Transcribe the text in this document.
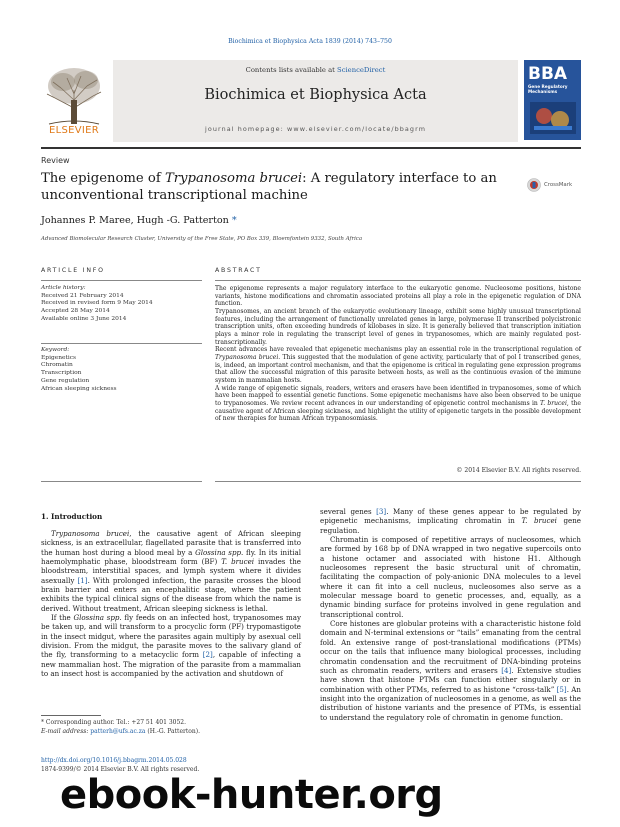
Biochimica et Biophysica Acta 1839 (2014) 743–750
ELSEVIER
Contents lists available at ScienceDirect
Biochimica et Biophysica Acta
journal homepage: www.elsevier.com/locate/bbagrm
BBA
Gene Regulatory Mechanisms
Review
The epigenome of Trypanosoma brucei: A regulatory interface to an unconventional transcriptional machine
CrossMark
Johannes P. Maree, Hugh -G. Patterton *
Advanced Biomolecular Research Cluster, University of the Free State, PO Box 339, Bloemfontein 9332, South Africa
ARTICLE INFO	ABSTRACT
Article history:
Received 21 February 2014
Received in revised form 9 May 2014
Accepted 28 May 2014
Available online 3 June 2014
Keyword:
Epigenetics
Chromatin
Transcription
Gene regulation
African sleeping sickness

The epigenome represents a major regulatory interface to the eukaryotic genome. Nucleosome positions, histone variants, histone modifications and chromatin associated proteins all play a role in the epigenetic regulation of DNA function.

Trypanosomes, an ancient branch of the eukaryotic evolutionary lineage, exhibit some highly unusual transcriptional features, including the arrangement of functionally unrelated genes in large, polymerase II transcribed polycistronic transcription units, often exceeding hundreds of kilobases in size. It is generally believed that transcription initiation plays a minor role in regulating the transcript level of genes in trypanosomes, which are mainly regulated post-transcriptionally.

Recent advances have revealed that epigenetic mechanisms play an essential role in the transcriptional regulation of Trypanosoma brucei. This suggested that the modulation of gene activity, particularly that of pol I transcribed genes, is, indeed, an important control mechanism, and that the epigenome is critical in regulating gene expression programs that allow the successful migration of this parasite between hosts, as well as the continuous evasion of the immune system in mammalian hosts.

A wide range of epigenetic signals, readers, writers and erasers have been identified in trypanosomes, some of which have been mapped to essential genetic functions. Some epigenetic mechanisms have also been observed to be unique to trypanosomes. We review recent advances in our understanding of epigenetic control mechanisms in T. brucei, the causative agent of African sleeping sickness, and highlight the utility of epigenetic targets in the possible development of new therapies for human African trypanosomiasis.

© 2014 Elsevier B.V. All rights reserved.
1. Introduction

Trypanosoma brucei, the causative agent of African sleeping sickness, is an extracellular, flagellated parasite that is transferred into the human host during a blood meal by a Glossina spp. fly. In its initial haemolymphatic phase, bloodstream form (BF) T. brucei invades the bloodstream, interstitial spaces, and lymph system where it divides asexually [1]. With prolonged infection, the parasite crosses the blood brain barrier and enters an encephalitic stage, where the patient exhibits the typical clinical signs of the disease from which the name is derived. Without treatment, African sleeping sickness is lethal.

If the Glossina spp. fly feeds on an infected host, trypanosomes may be taken up, and will transform to a procyclic form (PF) trypomastigote in the insect midgut, where the parasites again multiply by asexual cell division. From the midgut, the parasite moves to the salivary gland of the fly, transforming to a metacyclic form [2], capable of infecting a new mammalian host. The migration of the parasite from a mammalian to an insect host is accompanied by the activation and shutdown of

several genes [3]. Many of these genes appear to be regulated by epigenetic mechanisms, implicating chromatin in T. brucei gene regulation.

Chromatin is composed of repetitive arrays of nucleosomes, which are formed by 168 bp of DNA wrapped in two negative supercoils onto a histone octamer and associated with histone H1. Although nucleosomes represent the basic structural unit of chromatin, facilitating the compaction of poly-anionic DNA molecules to a level where it can fit into a cell nucleus, nucleosomes also serve as a molecular message board to genetic processes, and, equally, as a dynamic binding surface for proteins involved in gene regulation and transcriptional control.

Core histones are globular proteins with a characteristic histone fold domain and N-terminal extensions or “tails” emanating from the central fold. An extensive range of post-translational modifications (PTMs) occur on the tails that influence many biological processes, including chromatin condensation and the recruitment of DNA-binding proteins such as chromatin readers, writers and erasers [4]. Extensive studies have shown that histone PTMs can function either singularly or in combination with other PTMs, referred to as histone “cross-talk” [5]. An insight into the organization of nucleosomes in a genome, as well as the distribution of histone variants and the presence of PTMs, is essential to understand the regulatory role of chromatin in genome function.

* Corresponding author. Tel.: +27 51 401 3052.
E-mail address: patterh@ufs.ac.za (H.-G. Patterton).
http://dx.doi.org/10.1016/j.bbagrm.2014.05.028
1874-9399/© 2014 Elsevier B.V. All rights reserved.
ebook-hunter.org
